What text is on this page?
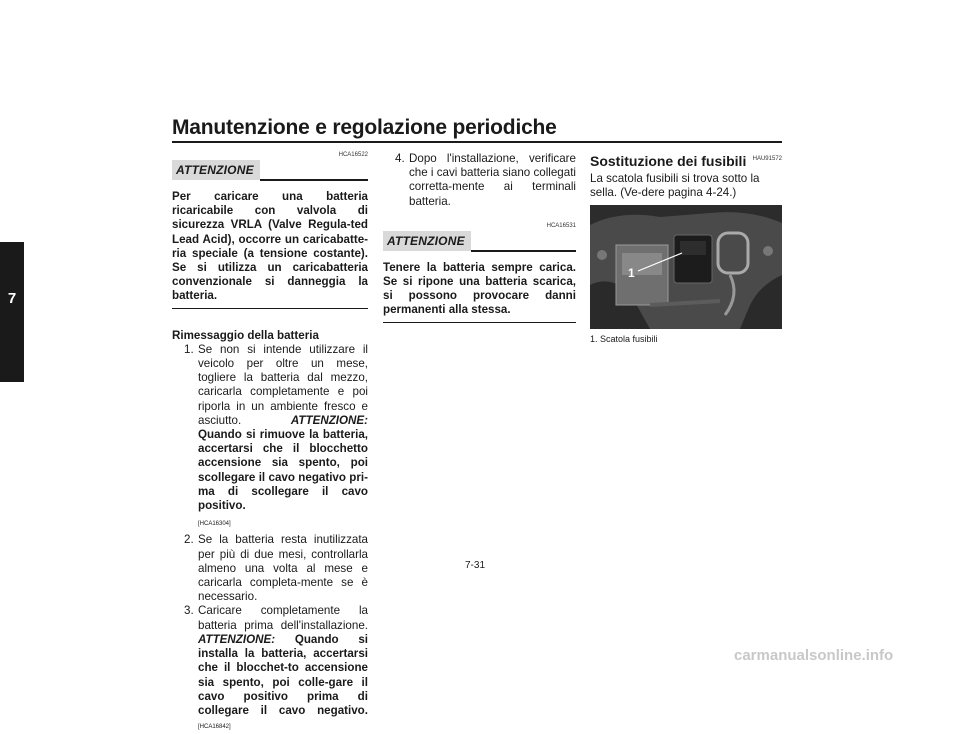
Manutenzione e regolazione periodiche
7
ATTENZIONE
HCA16522
Per caricare una batteria ricaricabile con valvola di sicurezza VRLA (Valve Regula-ted Lead Acid), occorre un caricabatte-ria speciale (a tensione costante). Se si utilizza un caricabatteria convenzionale si danneggia la batteria.
Rimessaggio della batteria
1. Se non si intende utilizzare il veicolo per oltre un mese, togliere la batteria dal mezzo, caricarla completamente e poi riporla in un ambiente fresco e asciutto.	ATTENZIONE: Quando si rimuove la batteria, accertarsi che il blocchetto accensione sia spento, poi scollegare il cavo negativo pri-ma di scollegare il cavo positivo.
[HCA16304]
2. Se la batteria resta inutilizzata per più di due mesi, controllarla almeno una volta al mese e caricarla completa-mente se è necessario.
3. Caricare completamente la batteria prima dell'installazione. ATTENZIONE: Quando si installa la batteria, accertarsi che il blocchet-to accensione sia spento, poi colle-gare il cavo positivo prima di collegare il cavo negativo. [HCA16842]
4. Dopo l'installazione, verificare che i cavi batteria siano collegati corretta-mente ai terminali batteria.
ATTENZIONE
HCA16531
Tenere la batteria sempre carica. Se si ripone una batteria scarica, si possono provocare danni permanenti alla stessa.
Sostituzione dei fusibili	HAU91572
La scatola fusibili si trova sotto la sella. (Ve-dere pagina 4-24.)
1
1. Scatola fusibili
7-31
carmanualsonline.info
